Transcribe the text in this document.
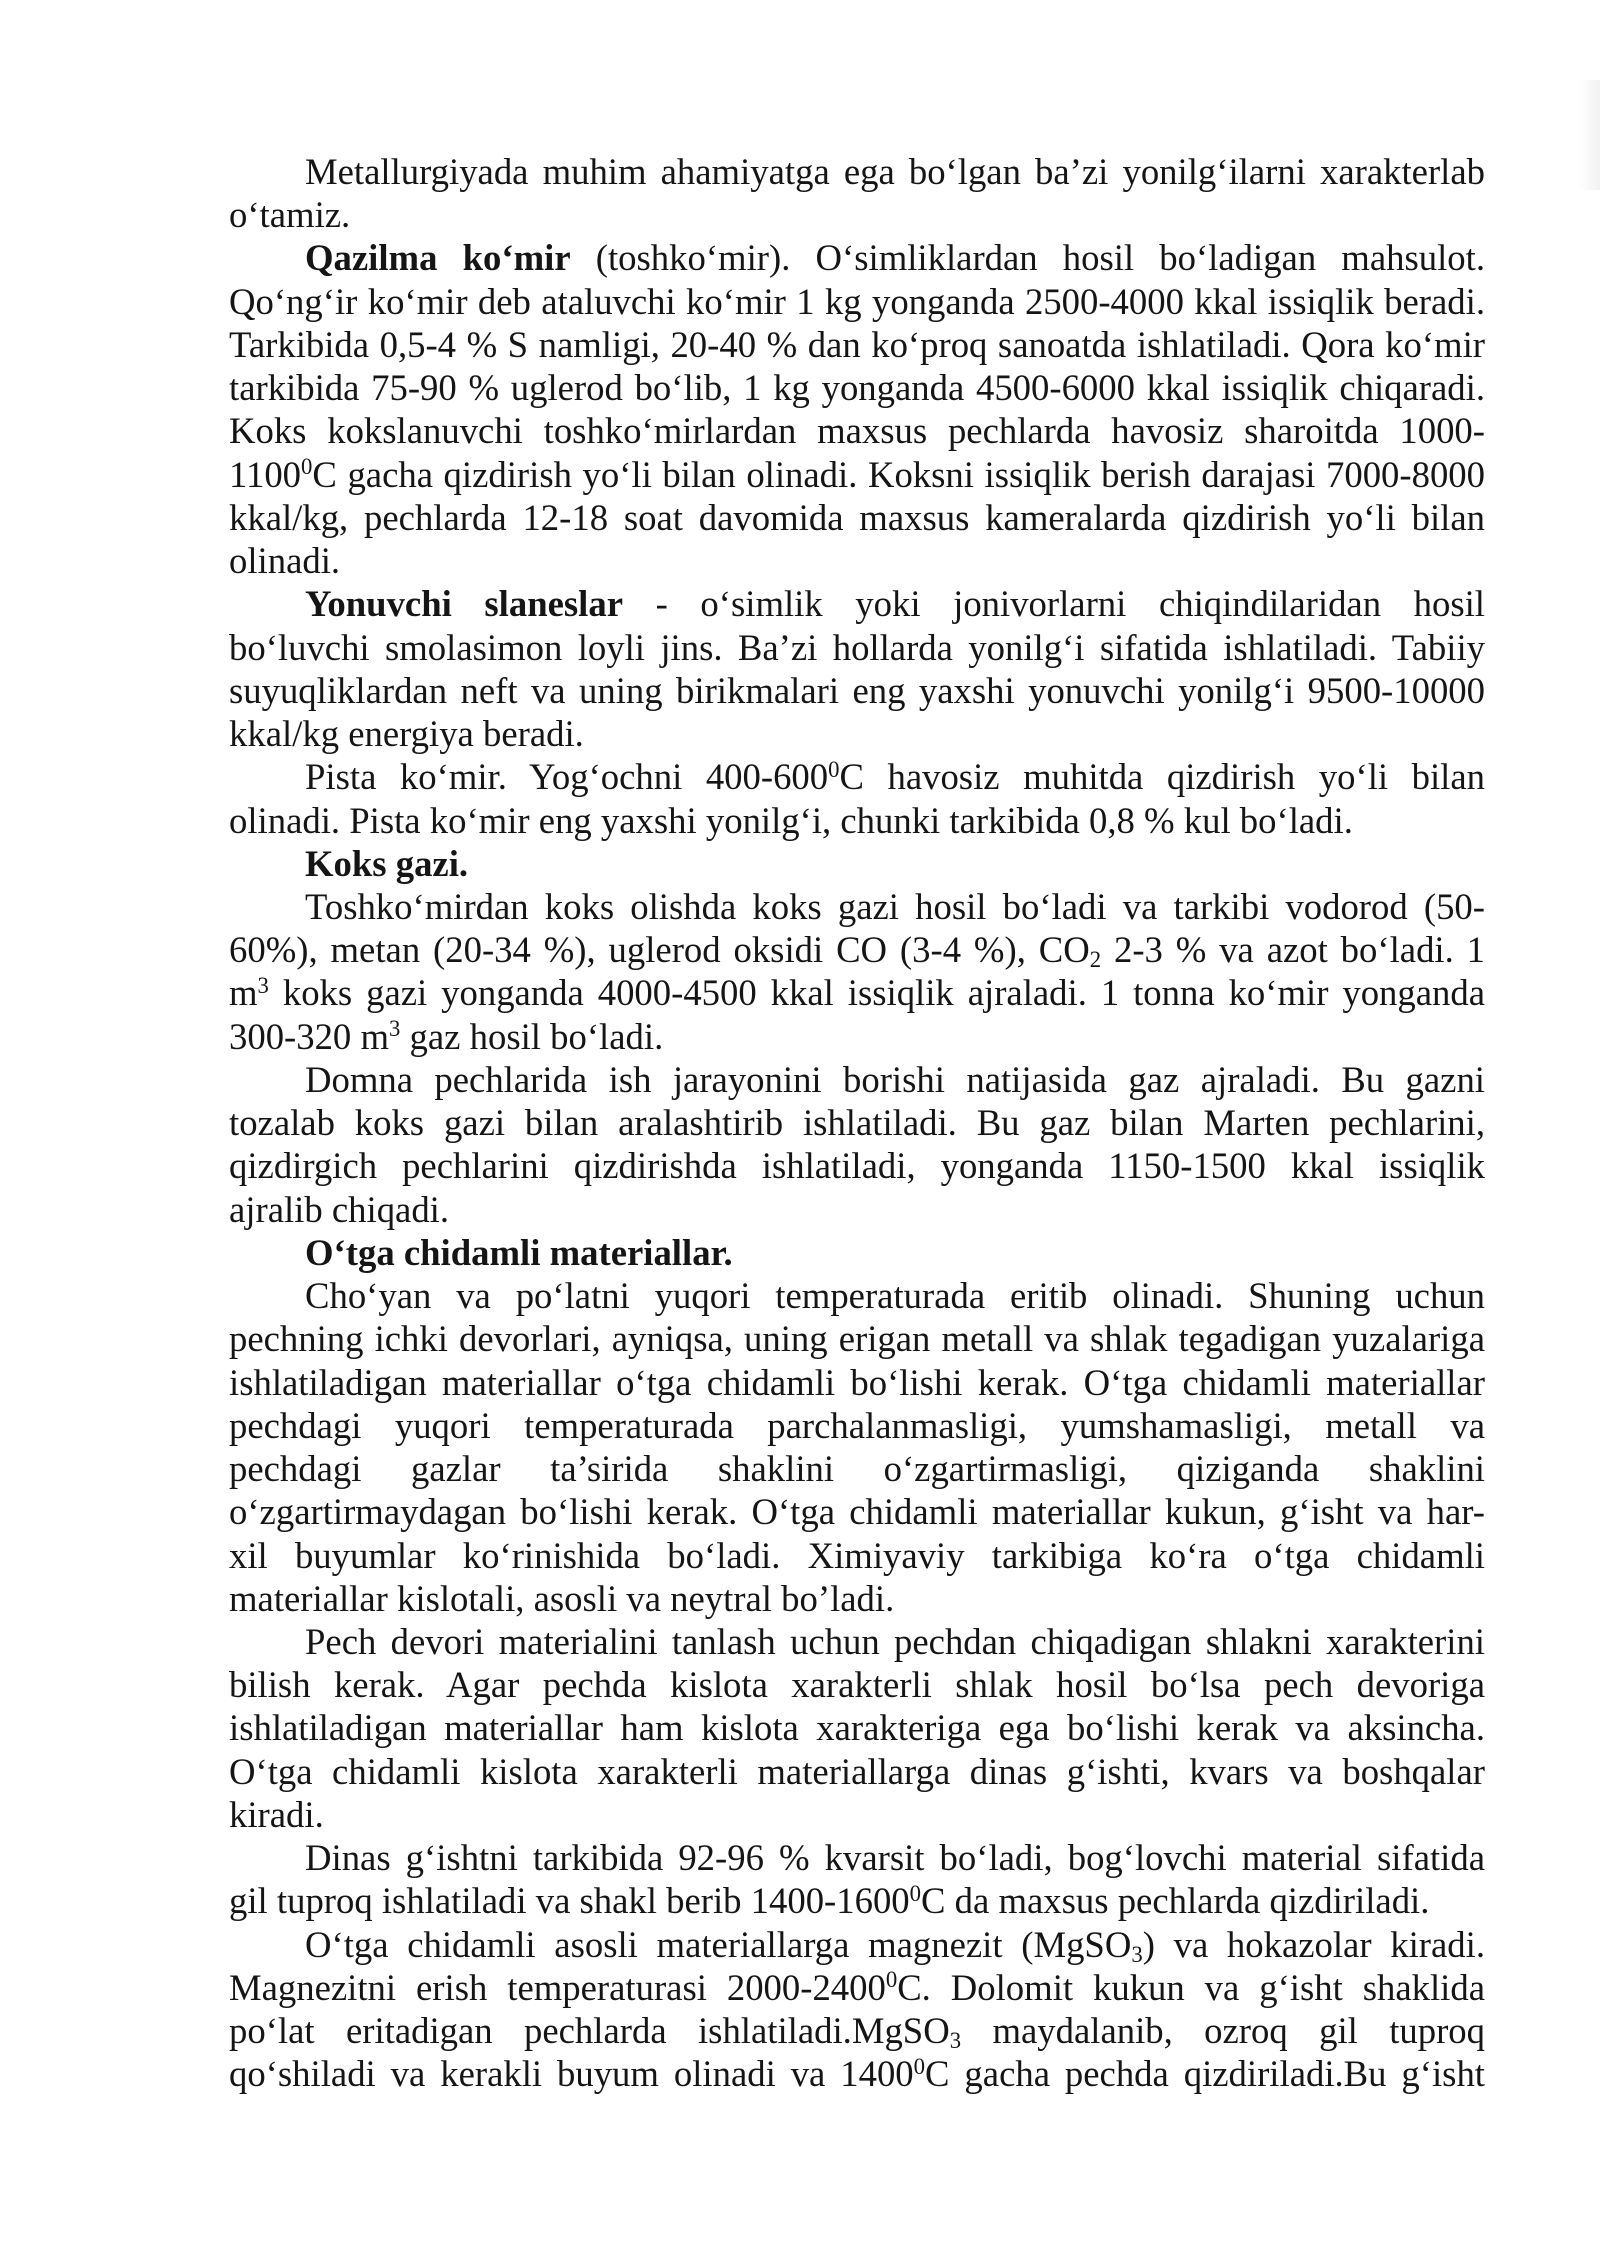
Metallurgiyada muhim ahamiyatga ega bo‘lgan ba’zi yonilg‘ilarni xarakterlab
o‘tamiz.
Qazilma ko‘mir (toshko‘mir). O‘simliklardan hosil bo‘ladigan mahsulot.
Qo‘ng‘ir ko‘mir deb ataluvchi ko‘mir 1 kg yonganda 2500-4000 kkal issiqlik beradi.
Tarkibida 0,5-4 % S namligi, 20-40 % dan ko‘proq sanoatda ishlatiladi. Qora ko‘mir
tarkibida 75-90 % uglerod bo‘lib, 1 kg yonganda 4500-6000 kkal issiqlik chiqaradi.
Koks kokslanuvchi toshko‘mirlardan maxsus pechlarda havosiz sharoitda 1000-
1100$^0$C gacha qizdirish yo‘li bilan olinadi. Koksni issiqlik berish darajasi 7000-8000
kkal/kg, pechlarda 12-18 soat davomida maxsus kameralarda qizdirish yo‘li bilan
olinadi.
Yonuvchi slaneslar - o‘simlik yoki jonivorlarni chiqindilaridan hosil
bo‘luvchi smolasimon loyli jins. Ba’zi hollarda yonilg‘i sifatida ishlatiladi. Tabiiy
suyuqliklardan neft va uning birikmalari eng yaxshi yonuvchi yonilg‘i 9500-10000
kkal/kg energiya beradi.
Pista ko‘mir. Yog‘ochni $400-600^0C$ havosiz muhitda qizdirish yo‘li bilan
olinadi. Pista ko‘mir eng yaxshi yonilg‘i, chunki tarkibida 0,8 % kul bo‘ladi.
Koks gazi.
Toshko‘mirdan koks olishda koks gazi hosil bo‘ladi va tarkibi vodorod (50-
60%), metan (20-34 %), uglerod oksidi CO (3-4 %), $CO_2$ 2-3 % va azot bo‘ladi. 1
$m^3$ koks gazi yonganda 4000-4500 kkal issiqlik ajraladi. 1 tonna ko‘mir yonganda
300-320 $m^3$ gaz hosil bo‘ladi.
Domna pechlarida ish jarayonini borishi natijasida gaz ajraladi. Bu gazni
tozalab koks gazi bilan aralashtirib ishlatiladi. Bu gaz bilan Marten pechlarini,
qizdirgich pechlarini qizdirishda ishlatiladi, yonganda 1150-1500 kkal issiqlik
ajralib chiqadi.
O‘tga chidamli materiallar.
Cho‘yan va po‘latni yuqori temperaturada eritib olinadi. Shuning uchun
pechning ichki devorlari, ayniqsa, uning erigan metall va shlak tegadigan yuzalariga
ishlatiladigan materiallar o‘tga chidamli bo‘lishi kerak. O‘tga chidamli materiallar
pechdagi yuqori temperaturada parchalanmasligi, yumshamasligi, metall va
pechdagi gazlar ta’sirida shaklini o‘zgartirmasligi, qiziganda shaklini
o‘zgartirmaydagan bo‘lishi kerak. O‘tga chidamli materiallar kukun, g‘isht va har-
xil buyumlar ko‘rinishida bo‘ladi. Ximiyaviy tarkibiga ko‘ra o‘tga chidamli
materiallar kislotali, asosli va neytral bo’ladi.
Pech devori materialini tanlash uchun pechdan chiqadigan shlakni xarakterini
bilish kerak. Agar pechda kislota xarakterli shlak hosil bo‘lsa pech devoriga
ishlatiladigan materiallar ham kislota xarakteriga ega bo‘lishi kerak va aksincha.
O‘tga chidamli kislota xarakterli materiallarga dinas g‘ishti, kvars va boshqalar
kiradi.
Dinas g‘ishtni tarkibida 92-96 % kvarsit bo‘ladi, bog‘lovchi material sifatida
gil tuproq ishlatiladi va shakl berib 1400-1600$^0$C da maxsus pechlarda qizdiriladi.
O‘tga chidamli asosli materiallarga magnezit (MgSO$_3$) va hokazolar kiradi.
Magnezitni erish temperaturasi 2000-2400$^0$C. Dolomit kukun va g‘isht shaklida
po‘lat eritadigan pechlarda ishlatiladi.MgSO$_3$ maydalanib, ozroq gil tuproq
qo‘shiladi va kerakli buyum olinadi va 1400$^0$C gacha pechda qizdiriladi.Bu g‘isht
